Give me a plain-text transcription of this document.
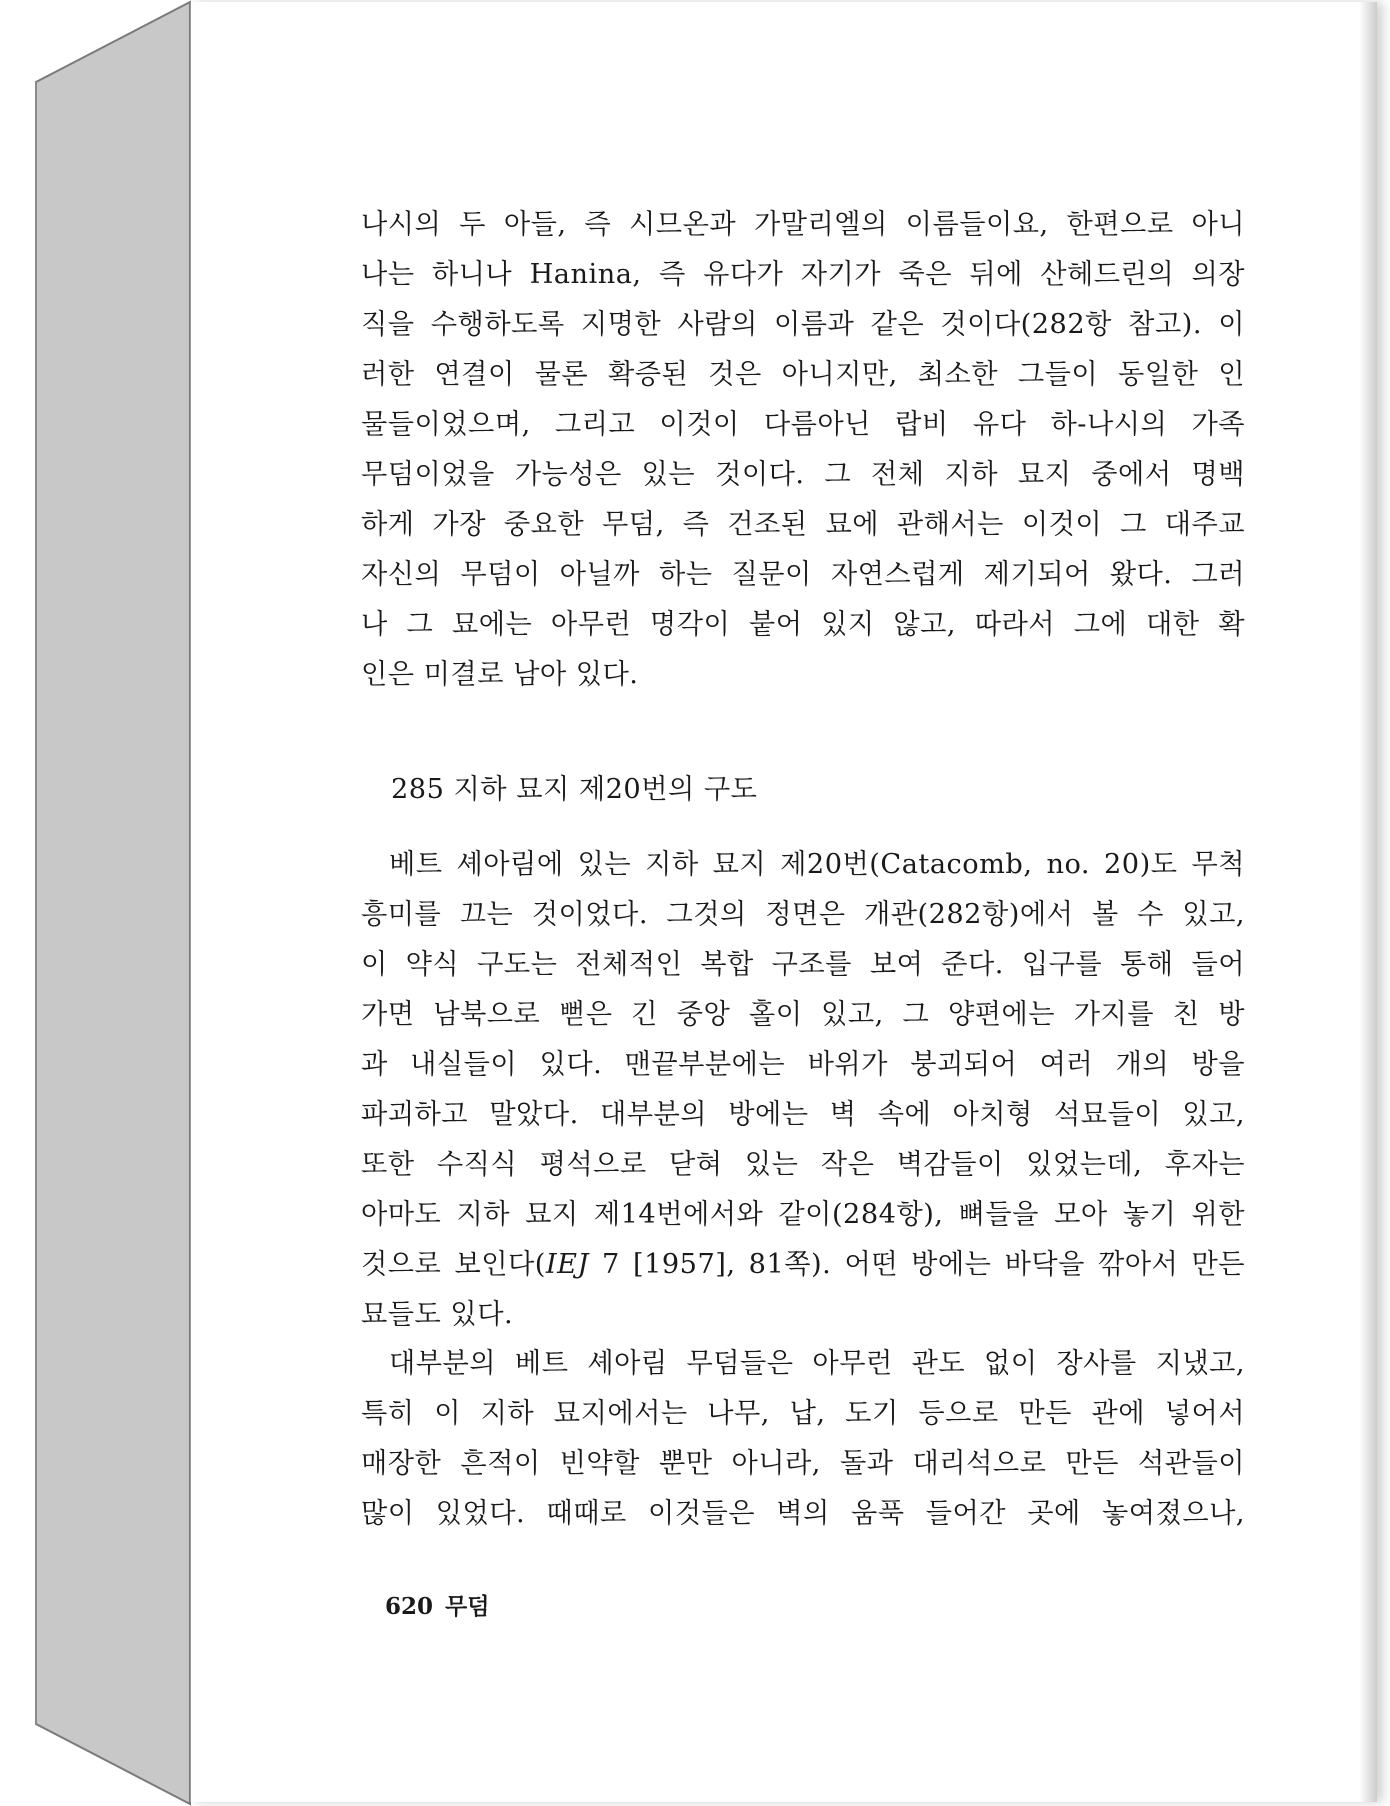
나시의 두 아들, 즉 시므온과 가말리엘의 이름들이요, 한편으로 아니
나는 하니나 Hanina, 즉 유다가 자기가 죽은 뒤에 산헤드린의 의장
직을 수행하도록 지명한 사람의 이름과 같은 것이다(282항 참고). 이
러한 연결이 물론 확증된 것은 아니지만, 최소한 그들이 동일한 인
물들이었으며, 그리고 이것이 다름아닌 랍비 유다 하-나시의 가족
무덤이었을 가능성은 있는 것이다. 그 전체 지하 묘지 중에서 명백
하게 가장 중요한 무덤, 즉 건조된 묘에 관해서는 이것이 그 대주교
자신의 무덤이 아닐까 하는 질문이 자연스럽게 제기되어 왔다. 그러
나 그 묘에는 아무런 명각이 붙어 있지 않고, 따라서 그에 대한 확
인은 미결로 남아 있다.

285 지하 묘지 제20번의 구도

베트 셰아림에 있는 지하 묘지 제20번(Catacomb, no. 20)도 무척
흥미를 끄는 것이었다. 그것의 정면은 개관(282항)에서 볼 수 있고,
이 약식 구도는 전체적인 복합 구조를 보여 준다. 입구를 통해 들어
가면 남북으로 뻗은 긴 중앙 홀이 있고, 그 양편에는 가지를 친 방
과 내실들이 있다. 맨끝부분에는 바위가 붕괴되어 여러 개의 방을
파괴하고 말았다. 대부분의 방에는 벽 속에 아치형 석묘들이 있고,
또한 수직식 평석으로 닫혀 있는 작은 벽감들이 있었는데, 후자는
아마도 지하 묘지 제14번에서와 같이(284항), 뼈들을 모아 놓기 위한
것으로 보인다(IEJ 7 [1957], 81쪽). 어떤 방에는 바닥을 깎아서 만든
묘들도 있다.

대부분의 베트 셰아림 무덤들은 아무런 관도 없이 장사를 지냈고,
특히 이 지하 묘지에서는 나무, 납, 도기 등으로 만든 관에 넣어서
매장한 흔적이 빈약할 뿐만 아니라, 돌과 대리석으로 만든 석관들이
많이 있었다. 때때로 이것들은 벽의 움푹 들어간 곳에 놓여졌으나,

620 무덤
